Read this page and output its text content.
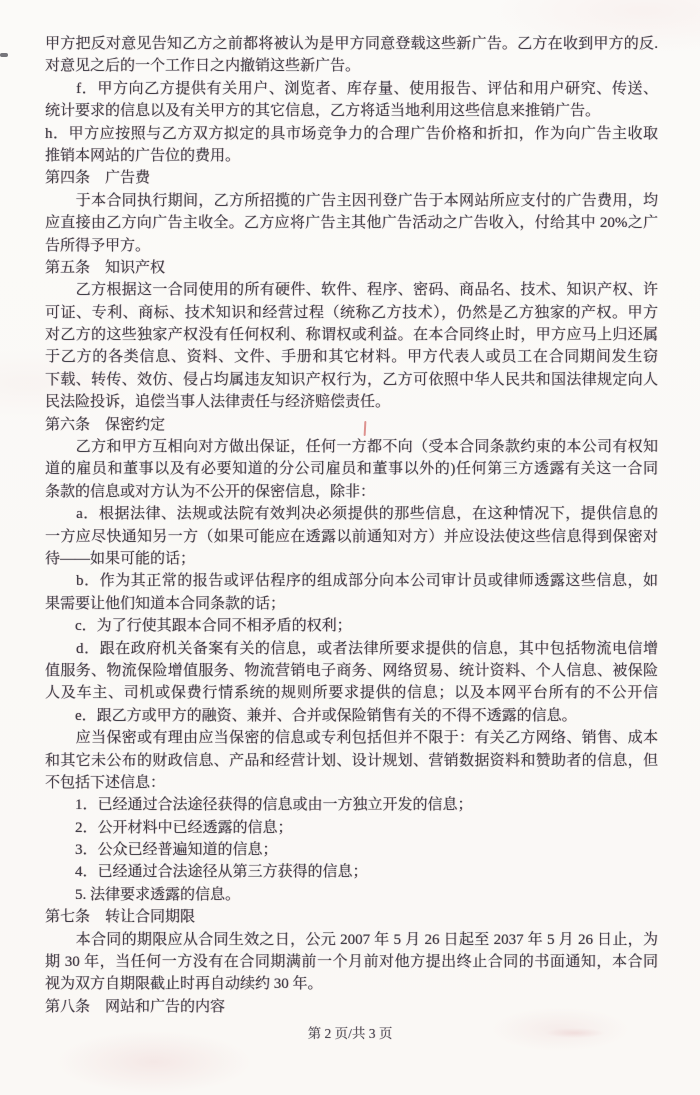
甲方把反对意见告知乙方之前都将被认为是甲方同意登载这些新广告。乙方在收到甲方的反.
对意见之后的一个工作日之内撤销这些新广告。
　　f．甲方向乙方提供有关用户、浏览者、库存量、使用报告、评估和用户研究、传送、
统计要求的信息以及有关甲方的其它信息，乙方将适当地利用这些信息来推销广告。
h．甲方应按照与乙方双方拟定的具市场竞争力的合理广告价格和折扣，作为向广告主收取
推销本网站的广告位的费用。
第四条　广告费
　　于本合同执行期间，乙方所招揽的广告主因刊登广告于本网站所应支付的广告费用，均
应直接由乙方向广告主收全。乙方应将广告主其他广告活动之广告收入，付给其中 20%之广
告所得予甲方。
第五条　知识产权
　　乙方根据这一合同使用的所有硬件、软件、程序、密码、商品名、技术、知识产权、许
可证、专利、商标、技术知识和经营过程（统称乙方技术），仍然是乙方独家的产权。甲方
对乙方的这些独家产权没有任何权利、称谓权或利益。在本合同终止时，甲方应马上归还属
于乙方的各类信息、资料、文件、手册和其它材料。甲方代表人或员工在合同期间发生窃
下载、转传、效仿、侵占均属违友知识产权行为，乙方可依照中华人民共和国法律规定向人
民法险投诉，追偿当事人法律责任与经济赔偿责任。
第六条　保密约定
　　乙方和甲方互相向对方做出保证，任何一方都不向（受本合同条款约束的本公司有权知
道的雇员和董事以及有必要知道的分公司雇员和董事以外的)任何第三方透露有关这一合同
条款的信息或对方认为不公开的保密信息，除非：
　　a．根据法律、法规或法院有效判决必须提供的那些信息，在这种情况下，提供信息的
一方应尽快通知另一方（如果可能应在透露以前通知对方）并应设法使这些信息得到保密对
待——如果可能的话；
　　b．作为其正常的报告或评估程序的组成部分向本公司审计员或律师透露这些信息，如
果需要让他们知道本合同条款的话；
　　c．为了行使其跟本合同不相矛盾的权利；
　　d．跟在政府机关备案有关的信息，或者法律所要求提供的信息，其中包括物流电信增
值服务、物流保险增值服务、物流营销电子商务、网络贸易、统计资料、个人信息、被保险
人及车主、司机或保费行情系统的规则所要求提供的信息；以及本网平台所有的不公开信
　　e．跟乙方或甲方的融资、兼并、合并或保险销售有关的不得不透露的信息。
　　应当保密或有理由应当保密的信息或专利包括但并不限于：有关乙方网络、销售、成本
和其它未公布的财政信息、产品和经营计划、设计规划、营销数据资料和赞助者的信息，但
不包括下述信息：
　　1．已经通过合法途径获得的信息或由一方独立开发的信息；
　　2．公开材料中已经透露的信息；
　　3．公众已经普遍知道的信息；
　　4．已经通过合法途径从第三方获得的信息；
　　5. 法律要求透露的信息。
第七条　转让合同期限
　　本合同的期限应从合同生效之日，公元 2007 年 5 月 26 日起至 2037 年 5 月 26 日止，为
期 30 年，当任何一方没有在合同期满前一个月前对他方提出终止合同的书面通知，本合同
视为双方自期限截止时再自动续约 30 年。
第八条　网站和广告的内容
第 2 页/共 3 页
